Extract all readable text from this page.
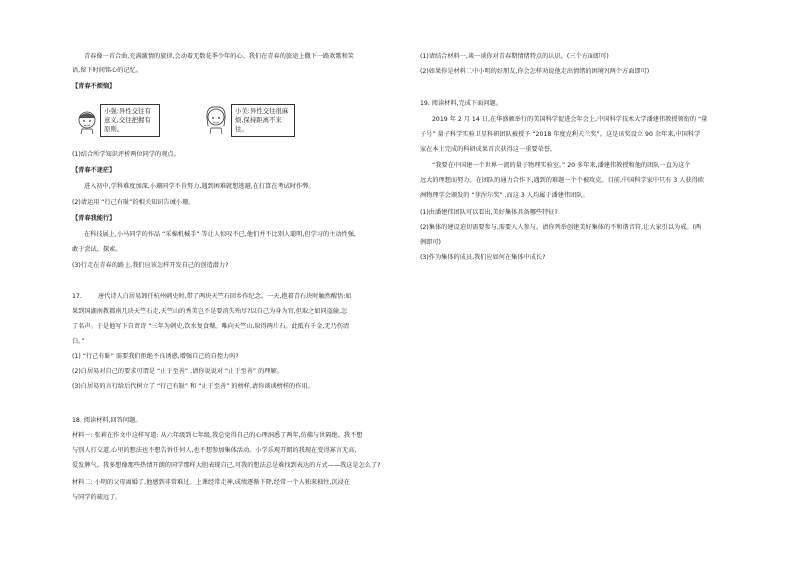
青春像一首合曲,充满激情的旋律,会动着无数花季少年的心。我们在青春的旅途上撒下一路欢歌和笑
语,留下时间铭心的记忆。
【青春不烦恼】
小强:异性交往有意义,交往把握有原则。
小美:异性交往很麻烦,保持距离不来往。
(1)结合所学知识评析两位同学的观点。
【青春不迷茫】
进入初中,学科难度加深,小珊同学不肯努力,遇到困难就想逃避,在打算在考试时作弊。
(2)请运用 “行己有耻”的相关知识告诫小珊。
【青春我能行】
在科技展上,小马同学的作品 “采棉机械手” 等让人惊叹不已,他们并不比别人聪明,但学习的主动性强,
敢于尝试、探索。
(3)行走在青春的路上,我们应该怎样开发自己的创造潜力?
17.	唐代诗人白居易卸任杭州刺史时,带了两块天竺石回乡作纪念。一天,抱着青石块时触然醒悟:如
果到国湖南教都南几块天竺石走,天竺山的秀美岂不是要消失殆尽?以自己为身为官,但取之如同盗偷,怎
了名声。于是他写下自责诗 “三年为刺史,饮水复食蘖。唯向天竺山,取得两片石。此抵有千金,无乃伤清
白。”
(1) “行己有耻” 需要我们拒绝不良诱惑,增强自己的自控力吗?
(2)白居易对自己的要求可谓是 “止于至善” ,请你说说对 “止于至善” 的理解。
(3)白居易的言行给后代树立了 “行己有耻” 和 “止于至善” 的榜样,请你谈谈榜样的作用。
18. 阅读材料,回答问题。
材料一: 张莉在作文中这样写道: 从六年级到七年级,我总觉得自己的心理洞悉了两年,仿佛与世隔绝。我不想
与别人打交道,心里的想法也不想告诉任何人,也不想参加集体活动。小学乐观开朗的我现在变得寡言无高,
爱发脾气。我多想像那些热情开朗的同学那样大胆表现自己,可我的想法总是难找到表达的方式——我这是怎么了?
材料二: 小明的父母离婚了,他感到非常难过。上课经常走神,成绩逐渐下降,经常一个人独来独往,沉浸在
与同学的疏远了。
(1)请结合材料一,谈一谈你对青春期情绪特点的认识。(三个方面即可)
(2)如果你是材料二中小明的好朋友,你会怎样劝说他走出情绪的困境?(两个方面即可)
19. 阅读材料,完成下面问题。
2019 年 2 月 14 日,在华盛顿举行的美国科学促进会年会上,中国科学技术大学潘建伟教授领衔的 “量
子号” 量子科学实验卫星科研团队被授予 “2018 年度克利夫兰奖”。这是该奖设立 90 余年来,中国科学
家在本土完成的科研成果首次获得这一重要荣誉。
“我要在中国建一个世界一流的量子物理实验室。” 20 多年来,潘建伟教授和他的团队一直为这个
远大的理想而努力。在团队的通力合作下,遇到的难题一个个被攻克。目前,中国科学家中只有 3 人获得欧
洲物理学会颁发的 “菲涅尔奖” ,而这 3 人均属于潘建伟团队。
(1)由潘建伟团队可以看出,美好集体具备哪些特征?
(2)集体的建设迫切需要参与,需要人人参与。请你列举创建美好集体的不和谐音符,让大家引以为戒。(两
例即可)
(3)作为集体的成员,我们应如何在集体中成长?
